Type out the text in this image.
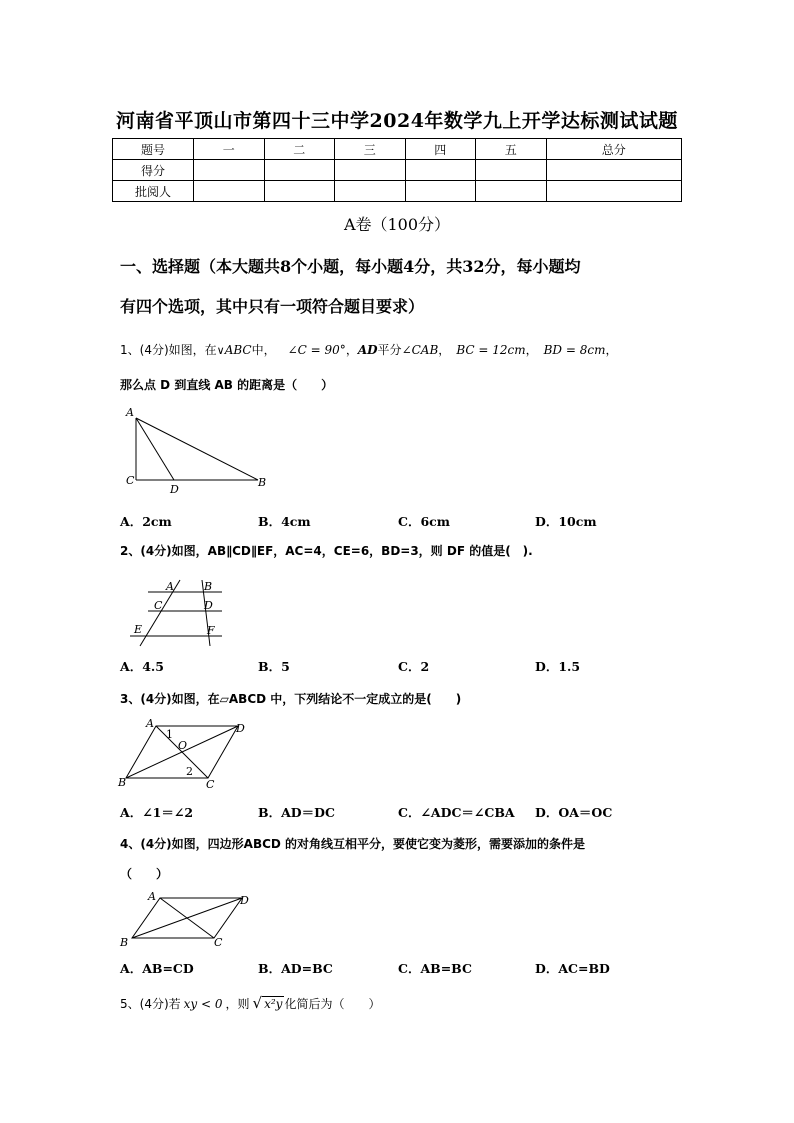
河南省平顶山市第四十三中学2024年数学九上开学达标测试试题
题号	一	二	三	四	五	总分
得分						
批阅人						
A卷（100分）
一、选择题（本大题共8个小题，每小题4分，共32分，每小题均
有四个选项，其中只有一项符合题目要求）
1、(4分)如图，在∨ABC中， ∠C = 90°，AD平分∠CAB， BC = 12cm， BD = 8cm，
那么点 D 到直线 AB 的距离是（　　）
A
C
D
B
A．2cm	B．4cm	C．6cm	D．10cm
2、(4分)如图，AB∥CD∥EF，AC=4，CE=6，BD=3，则 DF 的值是(　).
A	B
C	D
E	F
A．4.5	B．5	C．2	D．1.5
3、(4分)如图，在▱ABCD 中，下列结论不一定成立的是(　　)
A	D
O
1
2
B	C
A．∠1＝∠2	B．AD＝DC	C．∠ADC＝∠CBA D．OA＝OC
4、(4分)如图，四边形ABCD 的对角线互相平分，要使它变为菱形，需要添加的条件是
（　　）
A	D
B	C
A．AB=CD	B．AD=BC	C．AB=BC	D．AC=BD
5、(4分)若 xy < 0 ，则 √ x²y 化简后为（　　）
